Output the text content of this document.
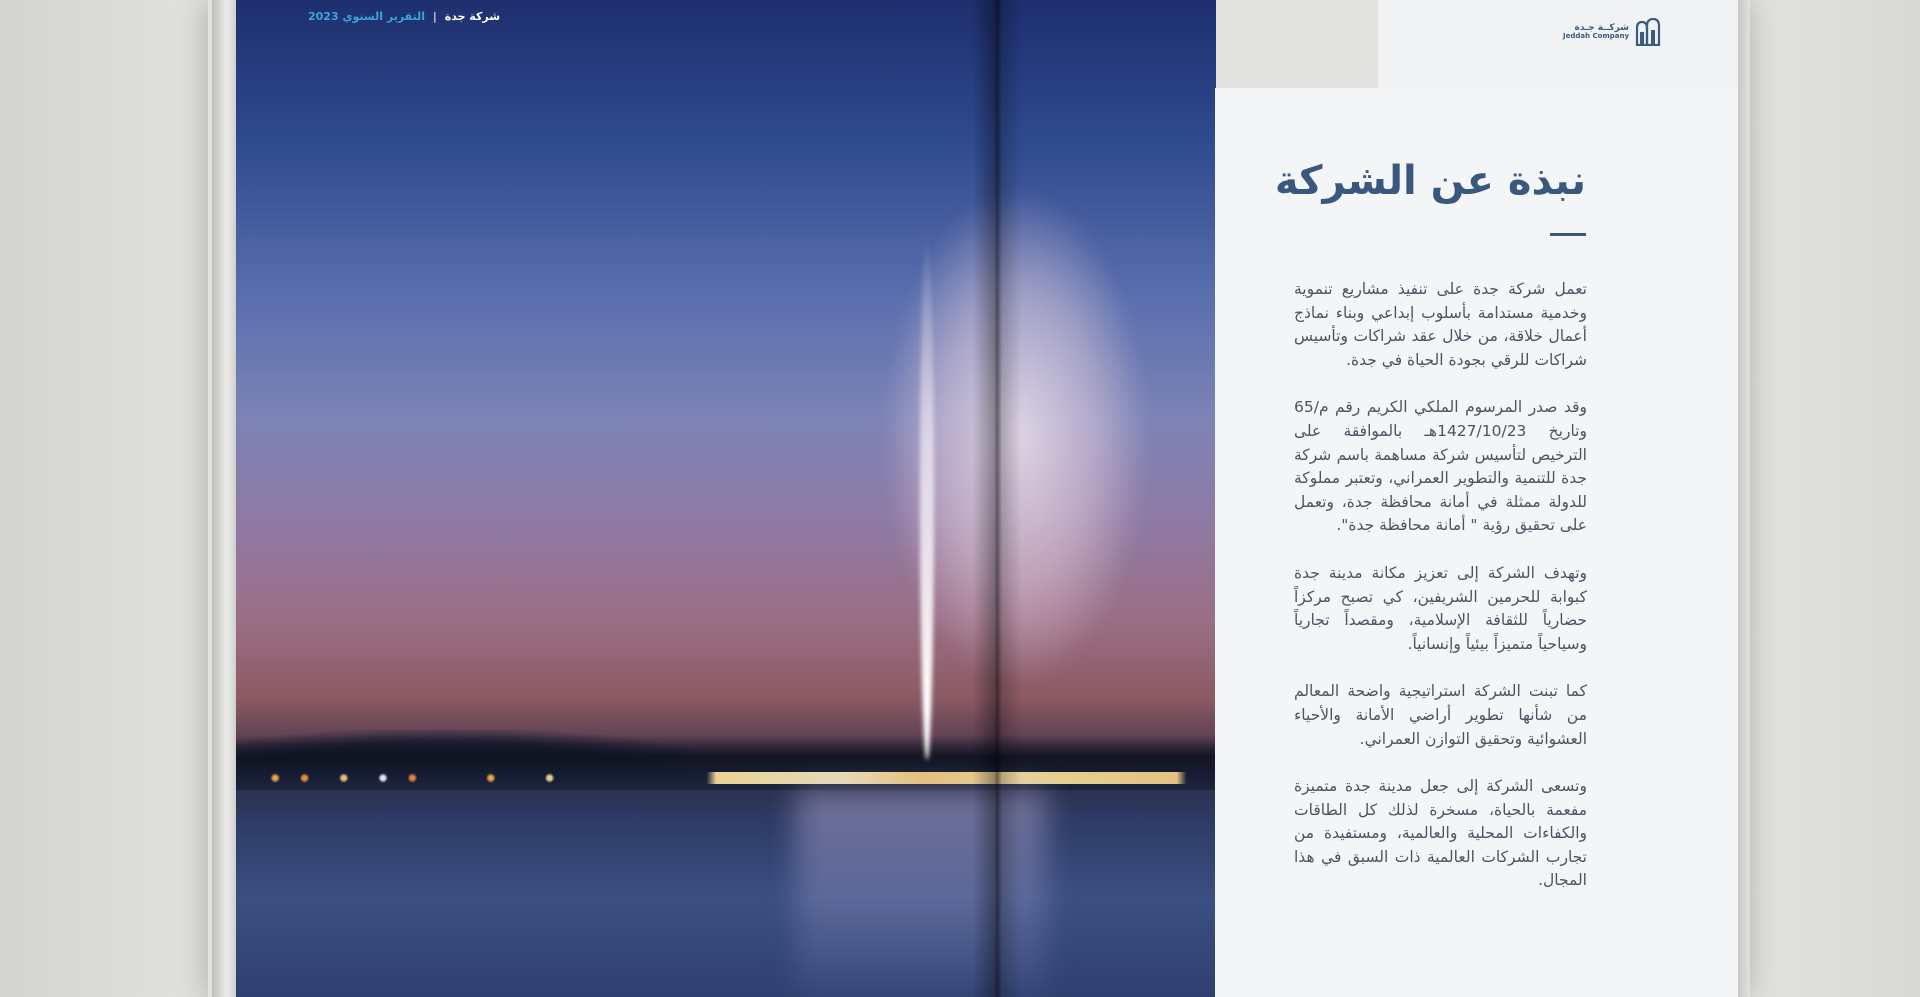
التقرير السنوي 2023 | شركة جدة
شركــة جـدة
Jeddah Company
نبذة عن الشركة

تعمل شركة جدة على تنفيذ مشاريع تنموية وخدمية مستدامة بأسلوب إبداعي وبناء نماذج أعمال خلاقة، من خلال عقد شراكات وتأسيس شراكات للرقي بجودة الحياة في جدة.

وقد صدر المرسوم الملكي الكريم رقم م/65 وتاريخ 1427/10/23هـ بالموافقة على الترخيص لتأسيس شركة مساهمة باسم شركة جدة للتنمية والتطوير العمراني، وتعتبر مملوكة للدولة ممثلة في أمانة محافظة جدة، وتعمل على تحقيق رؤية " أمانة محافظة جدة".

وتهدف الشركة إلى تعزيز مكانة مدينة جدة كبوابة للحرمين الشريفين، كي تصبح مركزاً حضارياً للثقافة الإسلامية، ومقصداً تجارياً وسياحياً متميزاً بيئياً وإنسانياً.

كما تبنت الشركة استراتيجية واضحة المعالم من شأنها تطوير أراضي الأمانة والأحياء العشوائية وتحقيق التوازن العمراني.

وتسعى الشركة إلى جعل مدينة جدة متميزة مفعمة بالحياة، مسخرة لذلك كل الطاقات والكفاءات المحلية والعالمية، ومستفيدة من تجارب الشركات العالمية ذات السبق في هذا المجال.
